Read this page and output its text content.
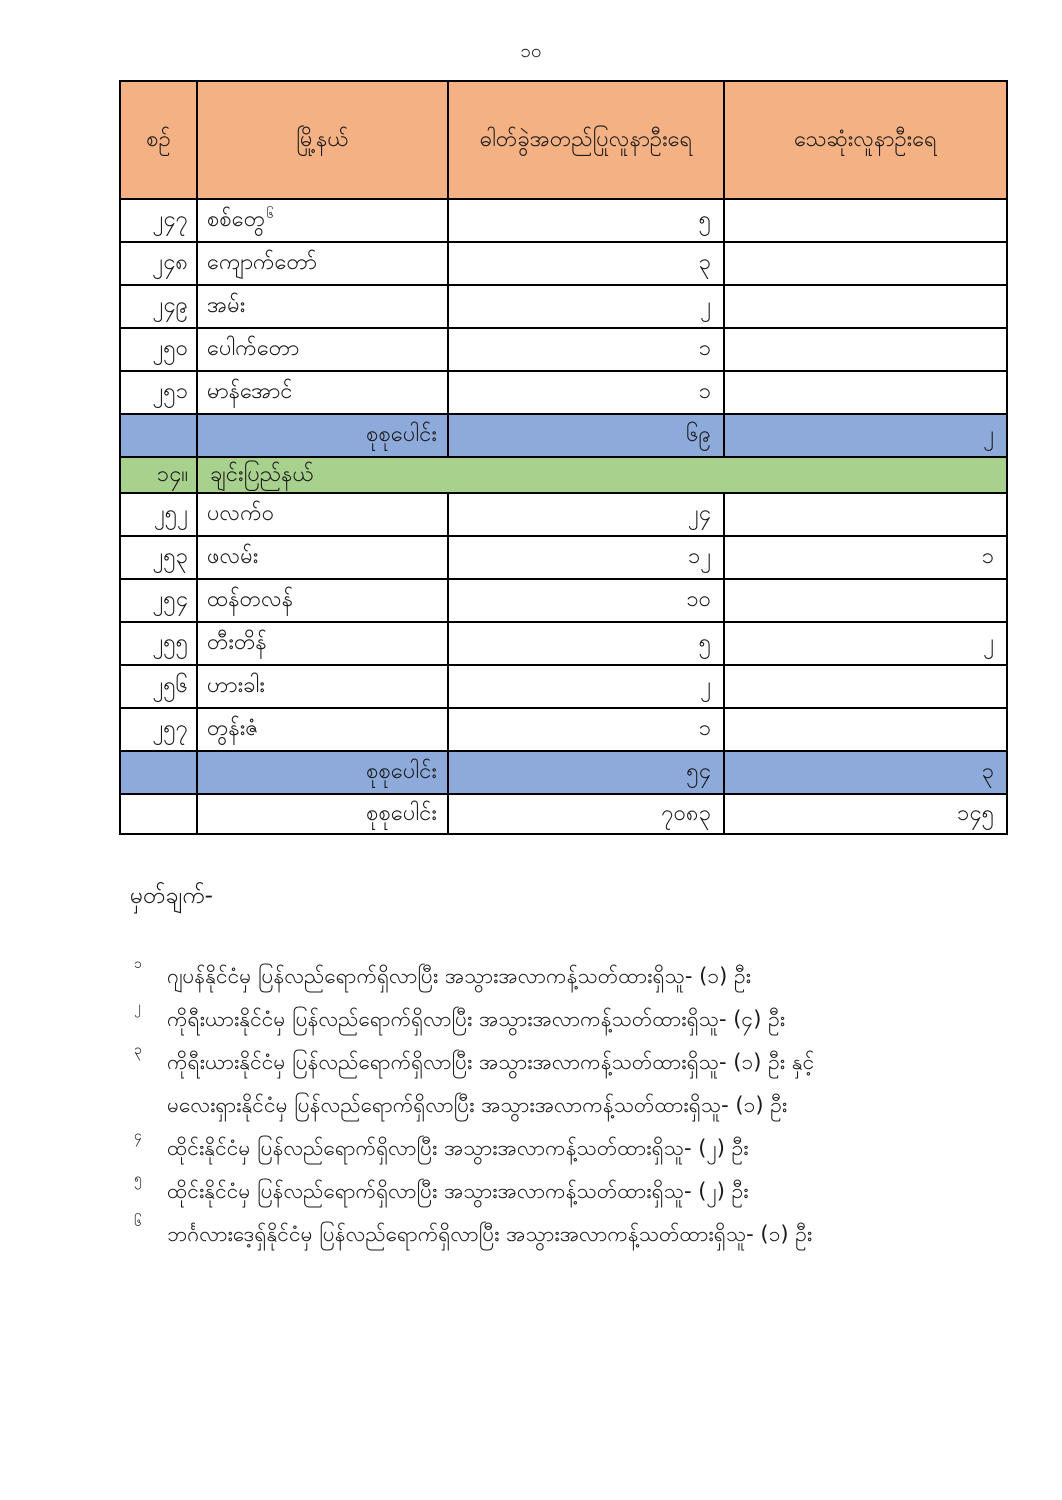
၁၀
စဉ်	မြို့နယ်	ဓါတ်ခွဲအတည်ပြုလူနာဦးရေ	သေဆုံးလူနာဦးရေ
၂၄၇	စစ်တွေ$^၆$	၅	
၂၄၈	ကျောက်တော်	၃	
၂၄၉	အမ်း	၂	
၂၅၀	ပေါက်တော	၁	
၂၅၁	မာန်အောင်	၁	
	စုစုပေါင်း	၆၉	၂
၁၄။	ချင်းပြည်နယ်		
၂၅၂	ပလက်ဝ	၂၄	
၂၅၃	ဖလမ်း	၁၂	၁
၂၅၄	ထန်တလန်	၁၀	
၂၅၅	တီးတိန်	၅	၂
၂၅၆	ဟားခါး	၂	
၂၅၇	တွန်းဇံ	၁	
	စုစုပေါင်း	၅၄	၃
	စုစုပေါင်း	၇၀၈၃	၁၄၅
မှတ်ချက်-
၁ ဂျပန်နိုင်ငံမှ ပြန်လည်ရောက်ရှိလာပြီး အသွားအလာကန့်သတ်ထားရှိသူ- (၁) ဦး
၂ ကိုရီးယားနိုင်ငံမှ ပြန်လည်ရောက်ရှိလာပြီး အသွားအလာကန့်သတ်ထားရှိသူ- (၄) ဦး
၃ ကိုရီးယားနိုင်ငံမှ ပြန်လည်ရောက်ရှိလာပြီး အသွားအလာကန့်သတ်ထားရှိသူ- (၁) ဦး နှင့်
မလေးရှားနိုင်ငံမှ ပြန်လည်ရောက်ရှိလာပြီး အသွားအလာကန့်သတ်ထားရှိသူ- (၁) ဦး
၄ ထိုင်းနိုင်ငံမှ ပြန်လည်ရောက်ရှိလာပြီး အသွားအလာကန့်သတ်ထားရှိသူ- (၂) ဦး
၅ ထိုင်းနိုင်ငံမှ ပြန်လည်ရောက်ရှိလာပြီး အသွားအလာကန့်သတ်ထားရှိသူ- (၂) ဦး
၆ ဘင်္ဂလားဒေ့ရှ်နိုင်ငံမှ ပြန်လည်ရောက်ရှိလာပြီး အသွားအလာကန့်သတ်ထားရှိသူ- (၁) ဦး
